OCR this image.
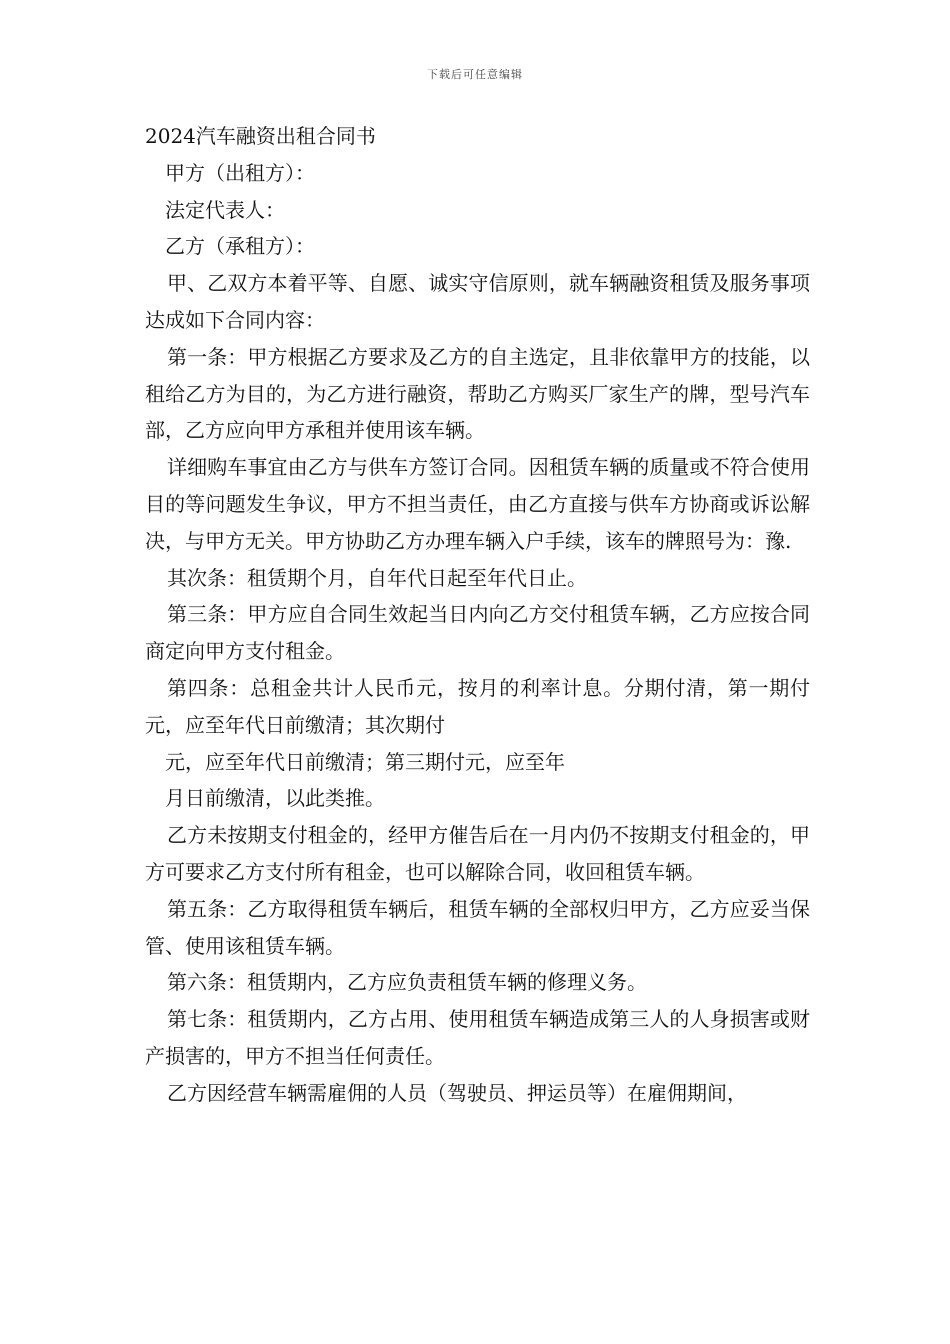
下载后可任意编辑

2024汽车融资出租合同书

甲方（出租方）：

法定代表人：

乙方（承租方）：

甲、乙双方本着平等、自愿、诚实守信原则，就车辆融资租赁及服务事项达成如下合同内容：

第一条：甲方根据乙方要求及乙方的自主选定，且非依靠甲方的技能，以租给乙方为目的，为乙方进行融资，帮助乙方购买厂家生产的牌，型号汽车部，乙方应向甲方承租并使用该车辆。

详细购车事宜由乙方与供车方签订合同。因租赁车辆的质量或不符合使用目的等问题发生争议，甲方不担当责任，由乙方直接与供车方协商或诉讼解决，与甲方无关。甲方协助乙方办理车辆入户手续，该车的牌照号为：豫.

其次条：租赁期个月，自年代日起至年代日止。

第三条：甲方应自合同生效起当日内向乙方交付租赁车辆，乙方应按合同商定向甲方支付租金。

第四条：总租金共计人民币元，按月的利率计息。分期付清，第一期付元，应至年代日前缴清；其次期付

元，应至年代日前缴清；第三期付元，应至年

月日前缴清，以此类推。

乙方未按期支付租金的，经甲方催告后在一月内仍不按期支付租金的，甲方可要求乙方支付所有租金，也可以解除合同，收回租赁车辆。

第五条：乙方取得租赁车辆后，租赁车辆的全部权归甲方，乙方应妥当保管、使用该租赁车辆。

第六条：租赁期内，乙方应负责租赁车辆的修理义务。

第七条：租赁期内，乙方占用、使用租赁车辆造成第三人的人身损害或财产损害的，甲方不担当任何责任。

乙方因经营车辆需雇佣的人员（驾驶员、押运员等）在雇佣期间，
